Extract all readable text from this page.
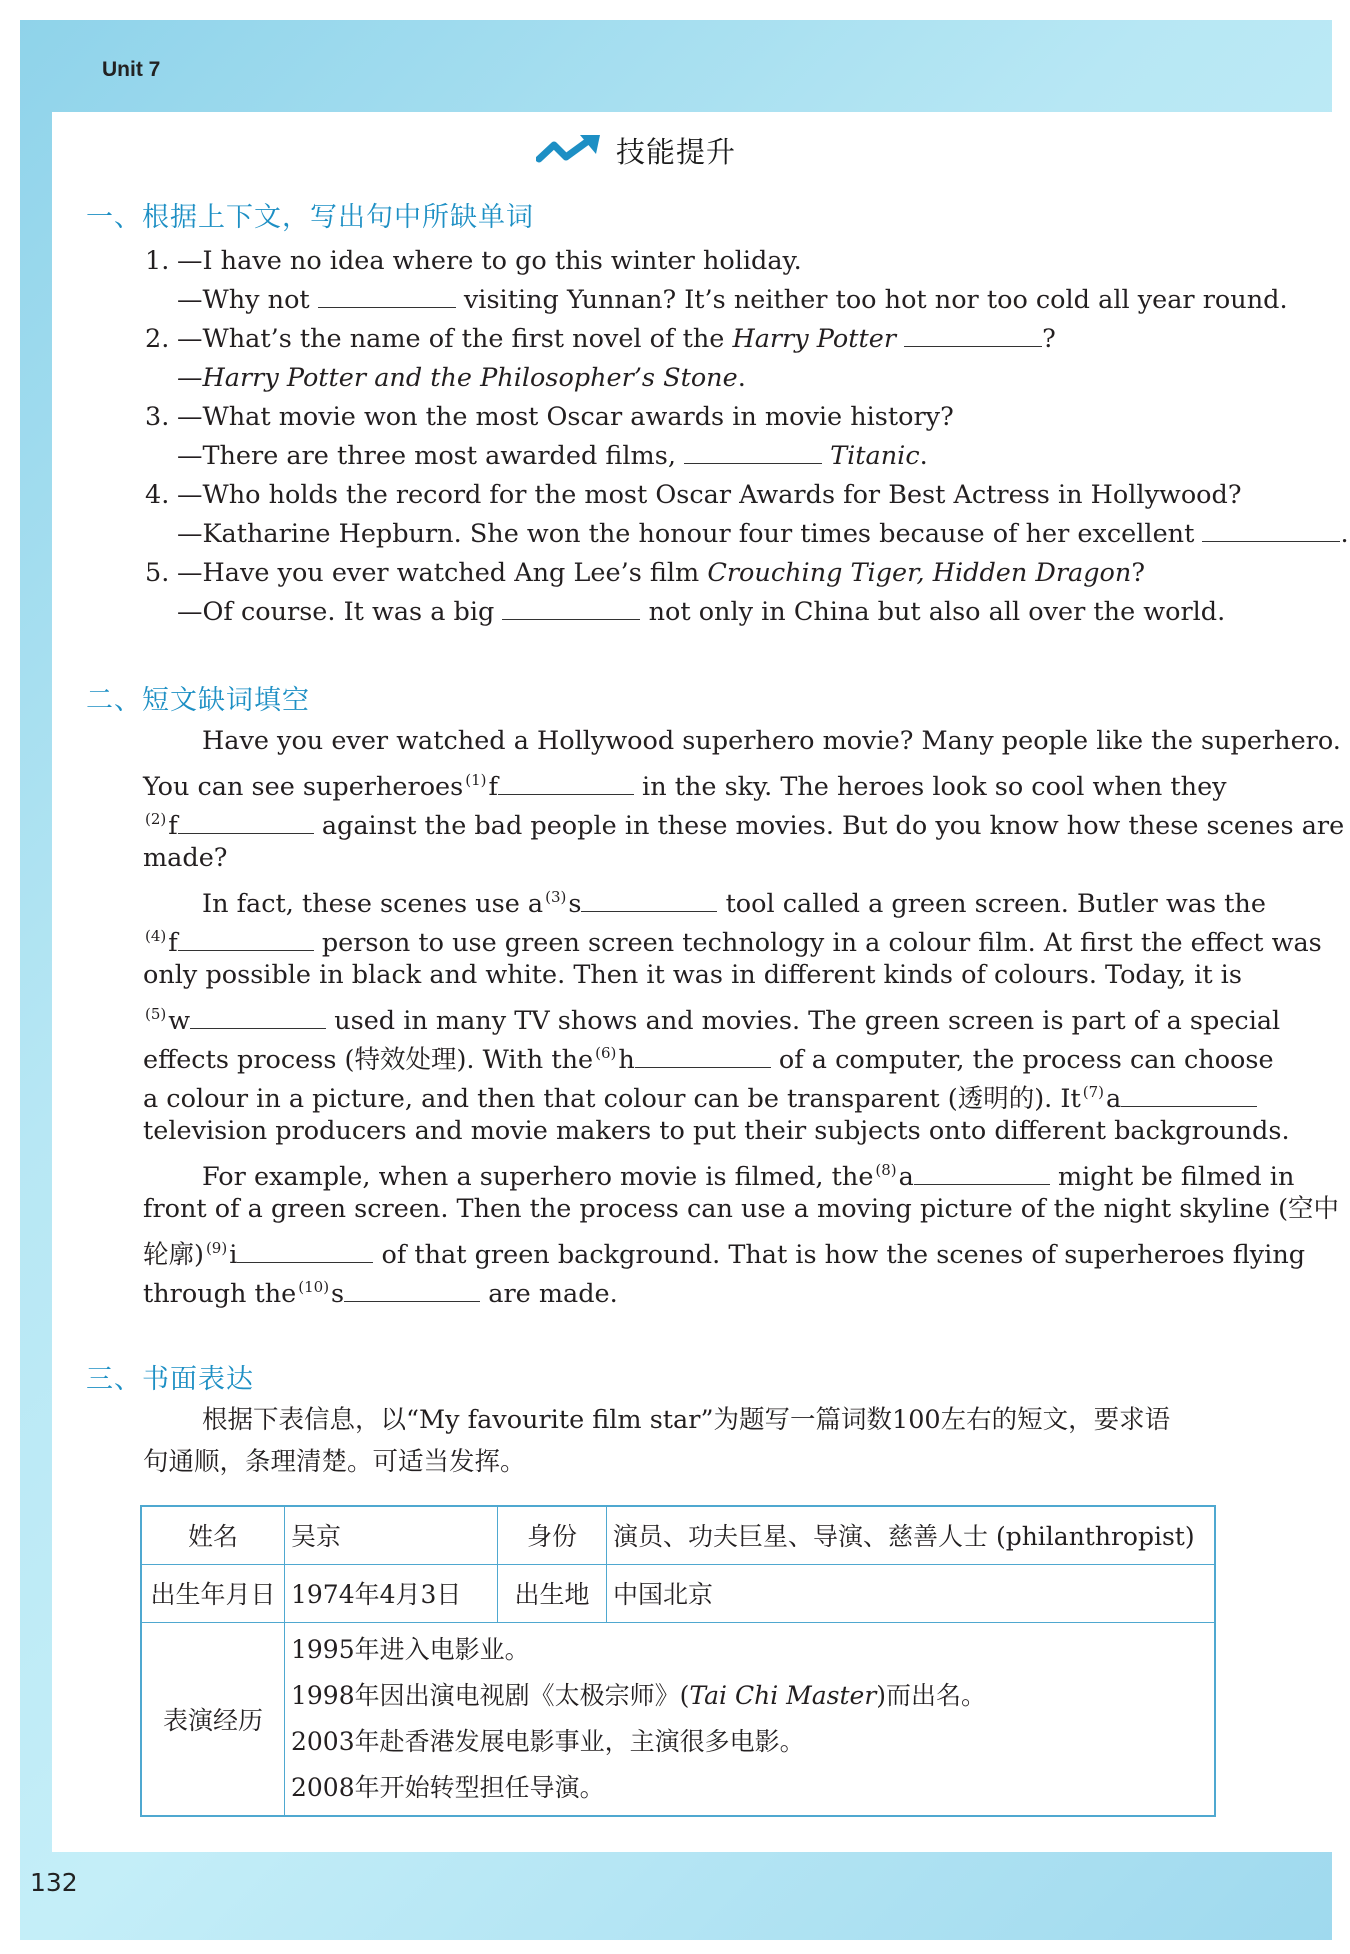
Unit 7
132
技能提升
一、根据上下文，写出句中所缺单词
1. —I have no idea where to go this winter holiday.
—Why not	visiting Yunnan? It’s neither too hot nor too cold all year round.
2. —What’s the name of the first novel of the Harry Potter	?
—Harry Potter and the Philosopher’s Stone.
3. —What movie won the most Oscar awards in movie history?
—There are three most awarded films,	Titanic.
4. —Who holds the record for the most Oscar Awards for Best Actress in Hollywood?
—Katharine Hepburn. She won the honour four times because of her excellent	.
5. —Have you ever watched Ang Lee’s film Crouching Tiger, Hidden Dragon?
—Of course. It was a big	not only in China but also all over the world.
二、短文缺词填空
Have you ever watched a Hollywood superhero movie? Many people like the superhero.
You can see superheroes $^{(1)}$f	in the sky. The heroes look so cool when they
$^{(2)}$f	against the bad people in these movies. But do you know how these scenes are
made?
In fact, these scenes use a $^{(3)}$s	tool called a green screen. Butler was the
$^{(4)}$f	person to use green screen technology in a colour film. At first the effect was
only possible in black and white. Then it was in different kinds of colours. Today, it is
$^{(5)}$w	used in many TV shows and movies. The green screen is part of a special
effects process (特效处理). With the $^{(6)}$h	of a computer, the process can choose
a colour in a picture, and then that colour can be transparent (透明的). It $^{(7)}$a
television producers and movie makers to put their subjects onto different backgrounds.
For example, when a superhero movie is filmed, the $^{(8)}$a	might be filmed in
front of a green screen. Then the process can use a moving picture of the night skyline (空中
轮廓) $^{(9)}$i	of that green background. That is how the scenes of superheroes flying
through the $^{(10)}$s	are made.
三、书面表达
根据下表信息，以“My favourite film star”为题写一篇词数100左右的短文，要求语
句通顺，条理清楚。可适当发挥。
姓名	吴京	身份	演员、功夫巨星、导演、慈善人士 (philanthropist)
出生年月日	1974年4月3日	出生地	中国北京
表演经历	1995年进入电影业。
1998年因出演电视剧《太极宗师》(Tai Chi Master)而出名。
2003年赴香港发展电影事业，主演很多电影。
2008年开始转型担任导演。		
